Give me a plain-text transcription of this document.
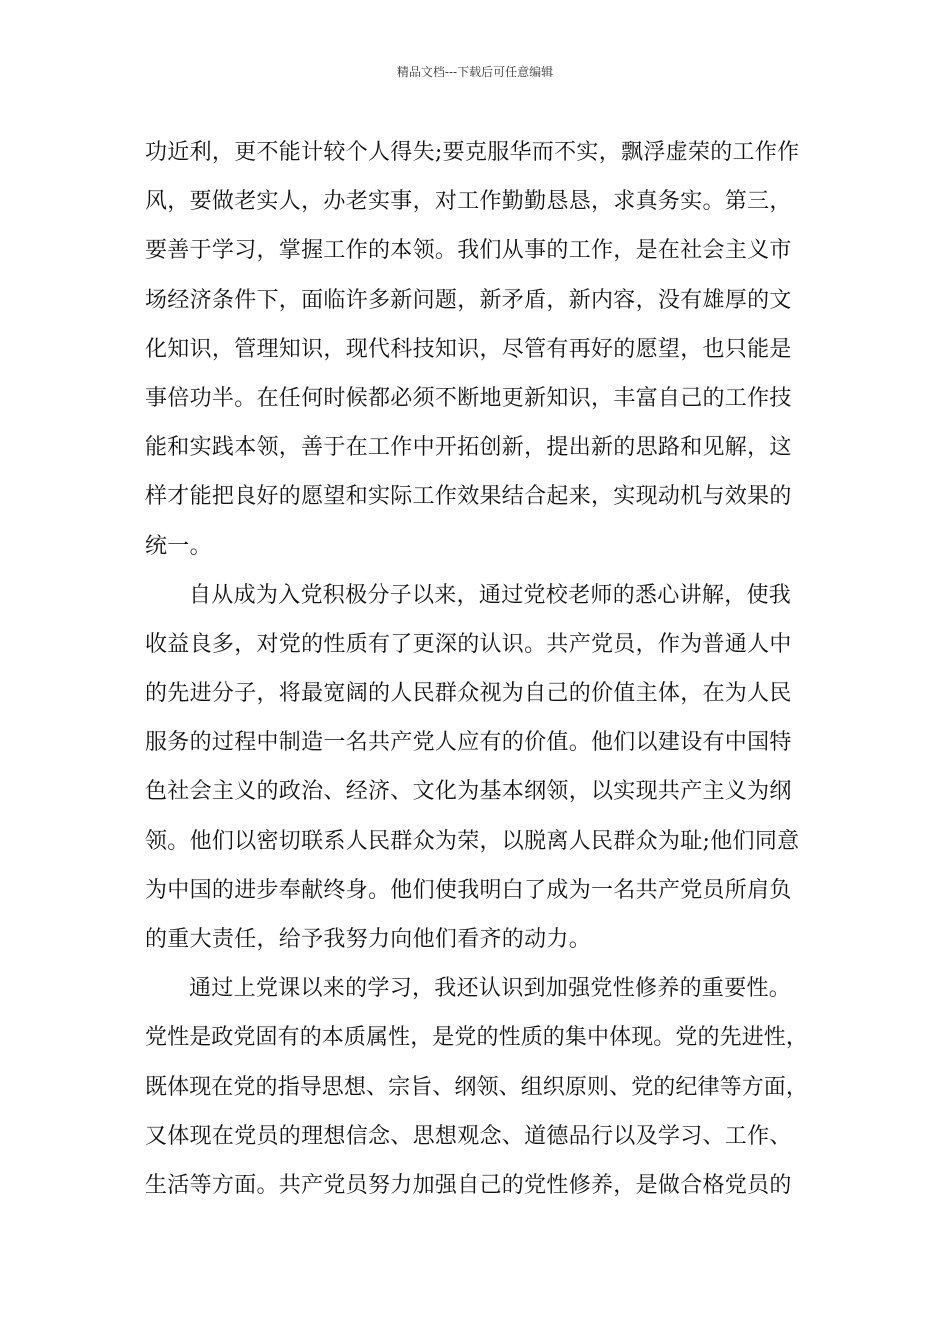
精品文档---下载后可任意编辑
功近利，更不能计较个人得失;要克服华而不实，飘浮虚荣的工作作
风，要做老实人，办老实事，对工作勤勤恳恳，求真务实。第三，
要善于学习，掌握工作的本领。我们从事的工作，是在社会主义市
场经济条件下，面临许多新问题，新矛盾，新内容，没有雄厚的文
化知识，管理知识，现代科技知识，尽管有再好的愿望，也只能是
事倍功半。在任何时候都必须不断地更新知识，丰富自己的工作技
能和实践本领，善于在工作中开拓创新，提出新的思路和见解，这
样才能把良好的愿望和实际工作效果结合起来，实现动机与效果的
统一。
自从成为入党积极分子以来，通过党校老师的悉心讲解，使我
收益良多，对党的性质有了更深的认识。共产党员，作为普通人中
的先进分子，将最宽阔的人民群众视为自己的价值主体，在为人民
服务的过程中制造一名共产党人应有的价值。他们以建设有中国特
色社会主义的政治、经济、文化为基本纲领，以实现共产主义为纲
领。他们以密切联系人民群众为荣，以脱离人民群众为耻;他们同意
为中国的进步奉献终身。他们使我明白了成为一名共产党员所肩负
的重大责任，给予我努力向他们看齐的动力。
通过上党课以来的学习，我还认识到加强党性修养的重要性。
党性是政党固有的本质属性，是党的性质的集中体现。党的先进性，
既体现在党的指导思想、宗旨、纲领、组织原则、党的纪律等方面，
又体现在党员的理想信念、思想观念、道德品行以及学习、工作、
生活等方面。共产党员努力加强自己的党性修养，是做合格党员的
